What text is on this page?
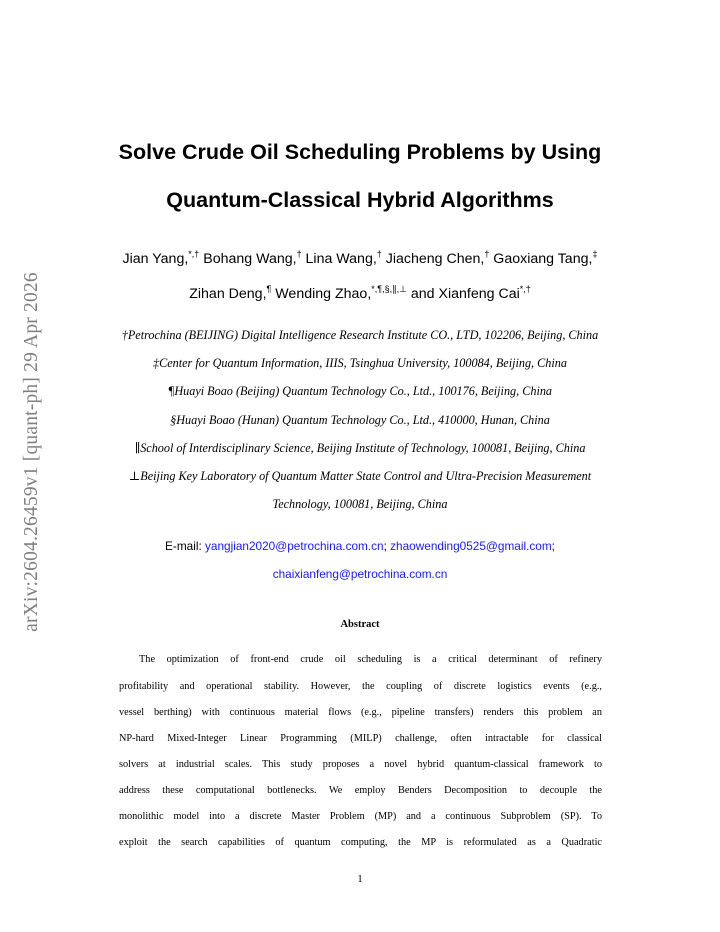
arXiv:2604.26459v1 [quant-ph] 29 Apr 2026
Solve Crude Oil Scheduling Problems by Using
Quantum-Classical Hybrid Algorithms
Jian Yang,*,† Bohang Wang,† Lina Wang,† Jiacheng Chen,† Gaoxiang Tang,‡
Zihan Deng,¶ Wending Zhao,*,¶,§,∥,⊥ and Xianfeng Cai*,†
†Petrochina (BEIJING) Digital Intelligence Research Institute CO., LTD, 102206, Beijing, China
‡Center for Quantum Information, IIIS, Tsinghua University, 100084, Beijing, China
¶Huayi Boao (Beijing) Quantum Technology Co., Ltd., 100176, Beijing, China
§Huayi Boao (Hunan) Quantum Technology Co., Ltd., 410000, Hunan, China
∥School of Interdisciplinary Science, Beijing Institute of Technology, 100081, Beijing, China
⊥Beijing Key Laboratory of Quantum Matter State Control and Ultra-Precision Measurement
Technology, 100081, Beijing, China
E-mail: yangjian2020@petrochina.com.cn; zhaowending0525@gmail.com;
chaixianfeng@petrochina.com.cn
Abstract
The optimization of front-end crude oil scheduling is a critical determinant of refinery
profitability and operational stability. However, the coupling of discrete logistics events (e.g.,
vessel berthing) with continuous material flows (e.g., pipeline transfers) renders this problem an
NP-hard Mixed-Integer Linear Programming (MILP) challenge, often intractable for classical
solvers at industrial scales. This study proposes a novel hybrid quantum-classical framework to
address these computational bottlenecks. We employ Benders Decomposition to decouple the
monolithic model into a discrete Master Problem (MP) and a continuous Subproblem (SP). To
exploit the search capabilities of quantum computing, the MP is reformulated as a Quadratic
1
